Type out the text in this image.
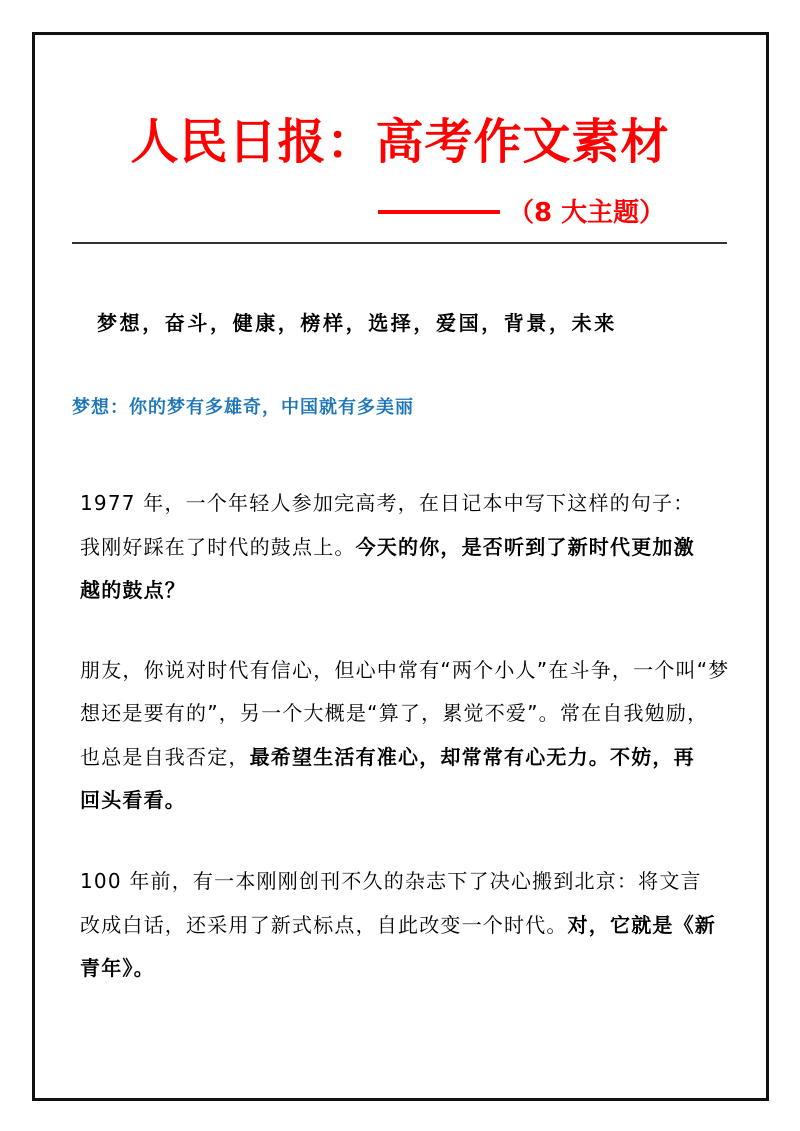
人民日报：高考作文素材
（8 大主题）
梦想，奋斗，健康，榜样，选择，爱国，背景，未来
梦想：你的梦有多雄奇，中国就有多美丽
1977 年，一个年轻人参加完高考，在日记本中写下这样的句子：
我刚好踩在了时代的鼓点上。今天的你，是否听到了新时代更加激
越的鼓点？
朋友，你说对时代有信心，但心中常有“两个小人”在斗争，一个叫“梦
想还是要有的”，另一个大概是“算了，累觉不爱”。常在自我勉励，
也总是自我否定，最希望生活有准心，却常常有心无力。不妨，再
回头看看。
100 年前，有一本刚刚创刊不久的杂志下了决心搬到北京：将文言
改成白话，还采用了新式标点，自此改变一个时代。对，它就是《新
青年》。
